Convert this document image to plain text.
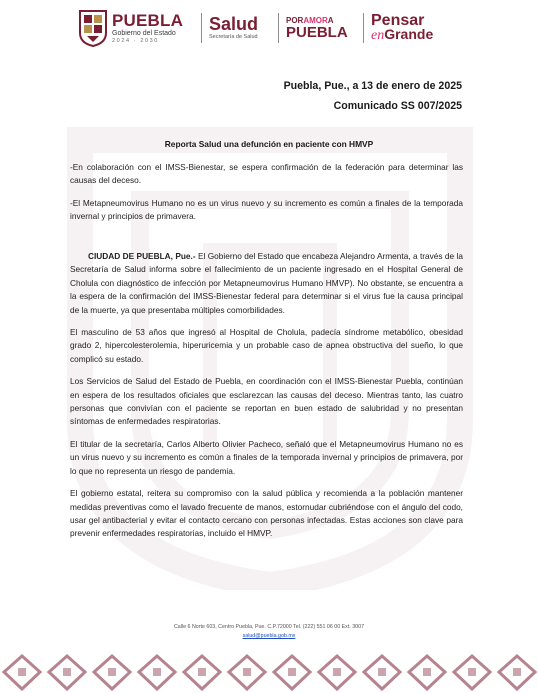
PUEBLA
Gobierno del Estado
2024 · 2030
Salud
Secretaría de Salud
PORAMORA
PUEBLA
Pensar
enGrande
Puebla, Pue., a 13 de enero de 2025
Comunicado SS 007/2025
Reporta Salud una defunción en paciente con HMVP

-En colaboración con el IMSS-Bienestar, se espera confirmación de la federación para determinar las causas del deceso.

-El Metapneumovirus Humano no es un virus nuevo y su incremento es común a finales de la temporada invernal y principios de primavera.

CIUDAD DE PUEBLA, Pue.- El Gobierno del Estado que encabeza Alejandro Armenta, a través de la Secretaría de Salud informa sobre el fallecimiento de un paciente ingresado en el Hospital General de Cholula con diagnóstico de infección por Metapneumovirus Humano HMVP). No obstante, se encuentra a la espera de la confirmación del IMSS-Bienestar federal para determinar si el virus fue la causa principal de la muerte, ya que presentaba múltiples comorbilidades.

El masculino de 53 años que ingresó al Hospital de Cholula, padecía síndrome metabólico, obesidad grado 2, hipercolesterolemia, hiperuricemia y un probable caso de apnea obstructiva del sueño, lo que complicó su estado.

Los Servicios de Salud del Estado de Puebla, en coordinación con el IMSS-Bienestar Puebla, continúan en espera de los resultados oficiales que esclarezcan las causas del deceso. Mientras tanto, las cuatro personas que convivían con el paciente se reportan en buen estado de salubridad y no presentan síntomas de enfermedades respiratorias.

El titular de la secretaría, Carlos Alberto Olivier Pacheco, señaló que el Metapneumovirus Humano no es un virus nuevo y su incremento es común a finales de la temporada invernal y principios de primavera, por lo que no representa un riesgo de pandemia.

El gobierno estatal, reitera su compromiso con la salud pública y recomienda a la población mantener medidas preventivas como el lavado frecuente de manos, estornudar cubriéndose con el ángulo del codo, usar gel antibacterial y evitar el contacto cercano con personas infectadas. Estas acciones son clave para prevenir enfermedades respiratorias, incluido el HMVP.

Calle 6 Norte 603, Centro Puebla, Pue. C.P.72000 Tel. (222) 551 06 00 Ext. 3007
salud@puebla.gob.mx
